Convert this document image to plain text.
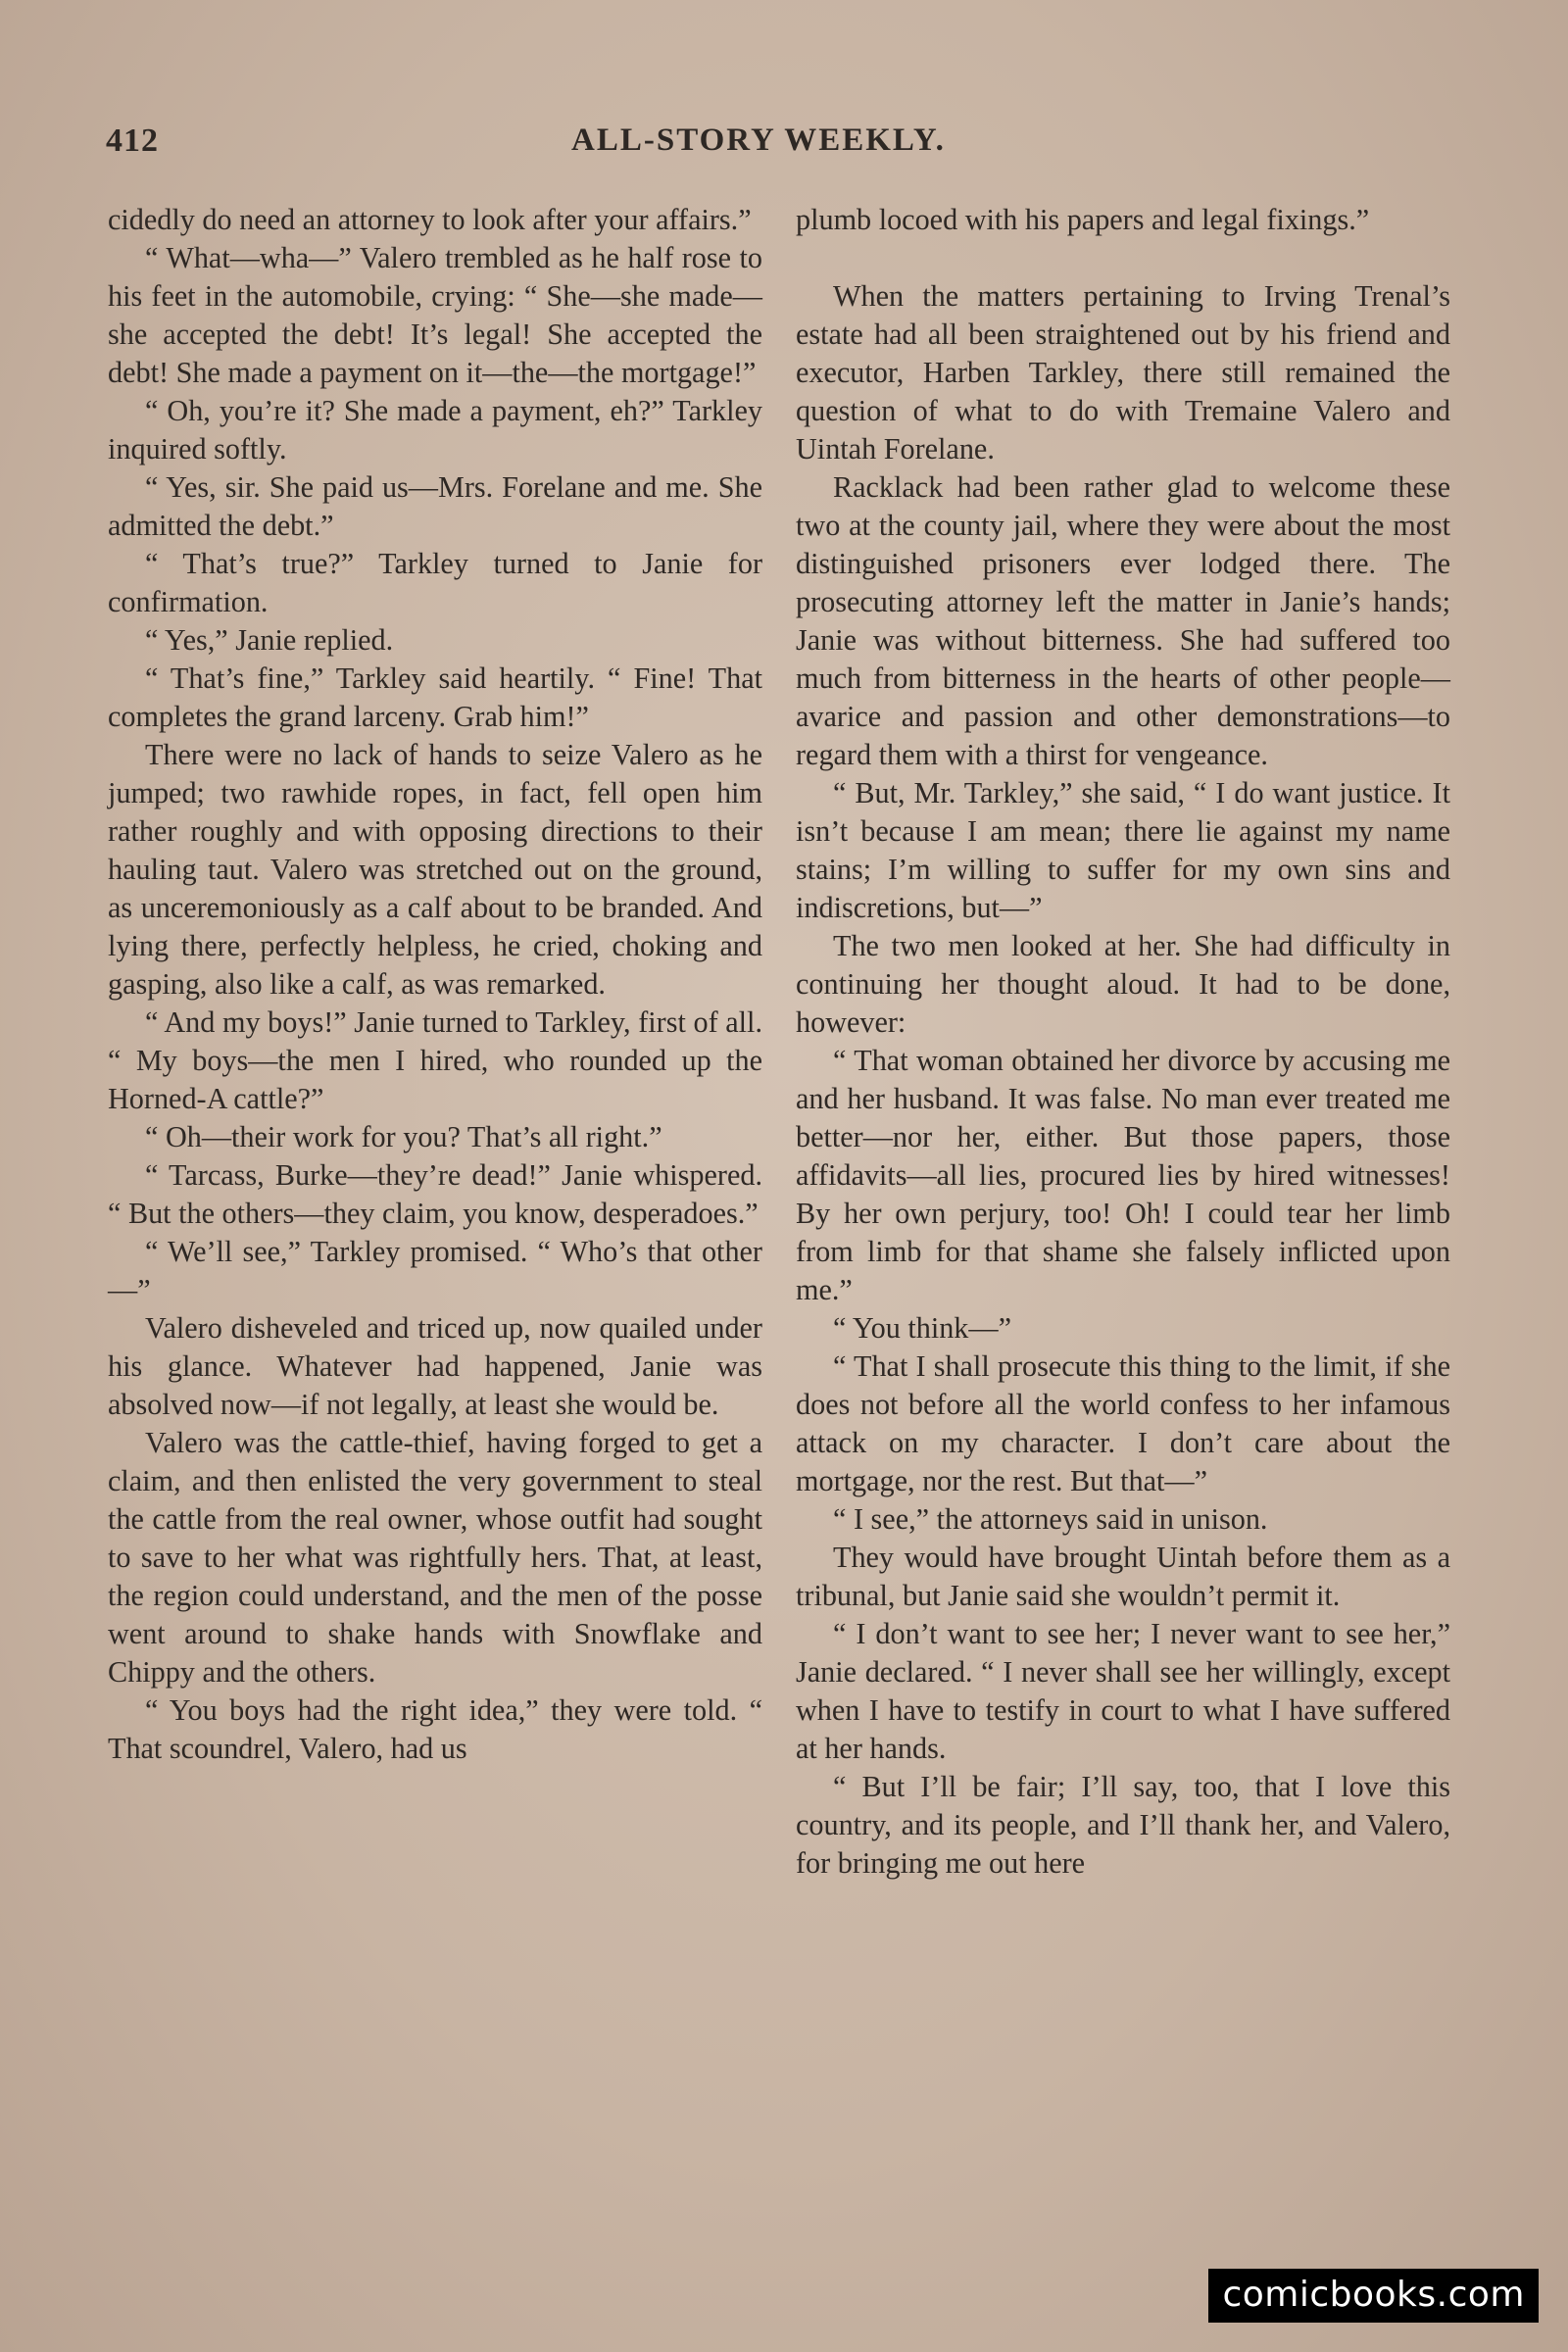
412	ALL-STORY WEEKLY.

cidedly do need an attorney to look after your affairs.”

“ What—wha—” Valero trembled as he half rose to his feet in the automobile, crying: “ She—she made—she accepted the debt! It’s legal! She accepted the debt! She made a payment on it—the—the mortgage!”

“ Oh, you’re it? She made a payment, eh?” Tarkley inquired softly.

“ Yes, sir. She paid us—Mrs. Forelane and me. She admitted the debt.”

“ That’s true?” Tarkley turned to Janie for confirmation.

“ Yes,” Janie replied.

“ That’s fine,” Tarkley said heartily. “ Fine! That completes the grand larceny. Grab him!”

There were no lack of hands to seize Valero as he jumped; two rawhide ropes, in fact, fell open him rather roughly and with opposing directions to their hauling taut. Valero was stretched out on the ground, as unceremoniously as a calf about to be branded. And lying there, perfectly helpless, he cried, choking and gasping, also like a calf, as was remarked.

“ And my boys!” Janie turned to Tarkley, first of all. “ My boys—the men I hired, who rounded up the Horned-A cattle?”

“ Oh—their work for you? That’s all right.”

“ Tarcass, Burke—they’re dead!” Janie whispered. “ But the others—they claim, you know, desperadoes.”

“ We’ll see,” Tarkley promised. “ Who’s that other—”

Valero disheveled and triced up, now quailed under his glance. Whatever had happened, Janie was absolved now—if not legally, at least she would be.

Valero was the cattle-thief, having forged to get a claim, and then enlisted the very government to steal the cattle from the real owner, whose outfit had sought to save to her what was rightfully hers. That, at least, the region could understand, and the men of the posse went around to shake hands with Snowflake and Chippy and the others.

“ You boys had the right idea,” they were told. “ That scoundrel, Valero, had us

plumb locoed with his papers and legal fixings.”

When the matters pertaining to Irving Trenal’s estate had all been straightened out by his friend and executor, Harben Tarkley, there still remained the question of what to do with Tremaine Valero and Uintah Forelane.

Racklack had been rather glad to welcome these two at the county jail, where they were about the most distinguished prisoners ever lodged there. The prosecuting attorney left the matter in Janie’s hands; Janie was without bitterness. She had suffered too much from bitterness in the hearts of other people—avarice and passion and other demonstrations—to regard them with a thirst for vengeance.

“ But, Mr. Tarkley,” she said, “ I do want justice. It isn’t because I am mean; there lie against my name stains; I’m willing to suffer for my own sins and indiscretions, but—”

The two men looked at her. She had difficulty in continuing her thought aloud. It had to be done, however:

“ That woman obtained her divorce by accusing me and her husband. It was false. No man ever treated me better—nor her, either. But those papers, those affidavits—all lies, procured lies by hired witnesses! By her own perjury, too! Oh! I could tear her limb from limb for that shame she falsely inflicted upon me.”

“ You think—”

“ That I shall prosecute this thing to the limit, if she does not before all the world confess to her infamous attack on my character. I don’t care about the mortgage, nor the rest. But that—”

“ I see,” the attorneys said in unison.

They would have brought Uintah before them as a tribunal, but Janie said she wouldn’t permit it.

“ I don’t want to see her; I never want to see her,” Janie declared. “ I never shall see her willingly, except when I have to testify in court to what I have suffered at her hands.

“ But I’ll be fair; I’ll say, too, that I love this country, and its people, and I’ll thank her, and Valero, for bringing me out here

comicbooks.com
